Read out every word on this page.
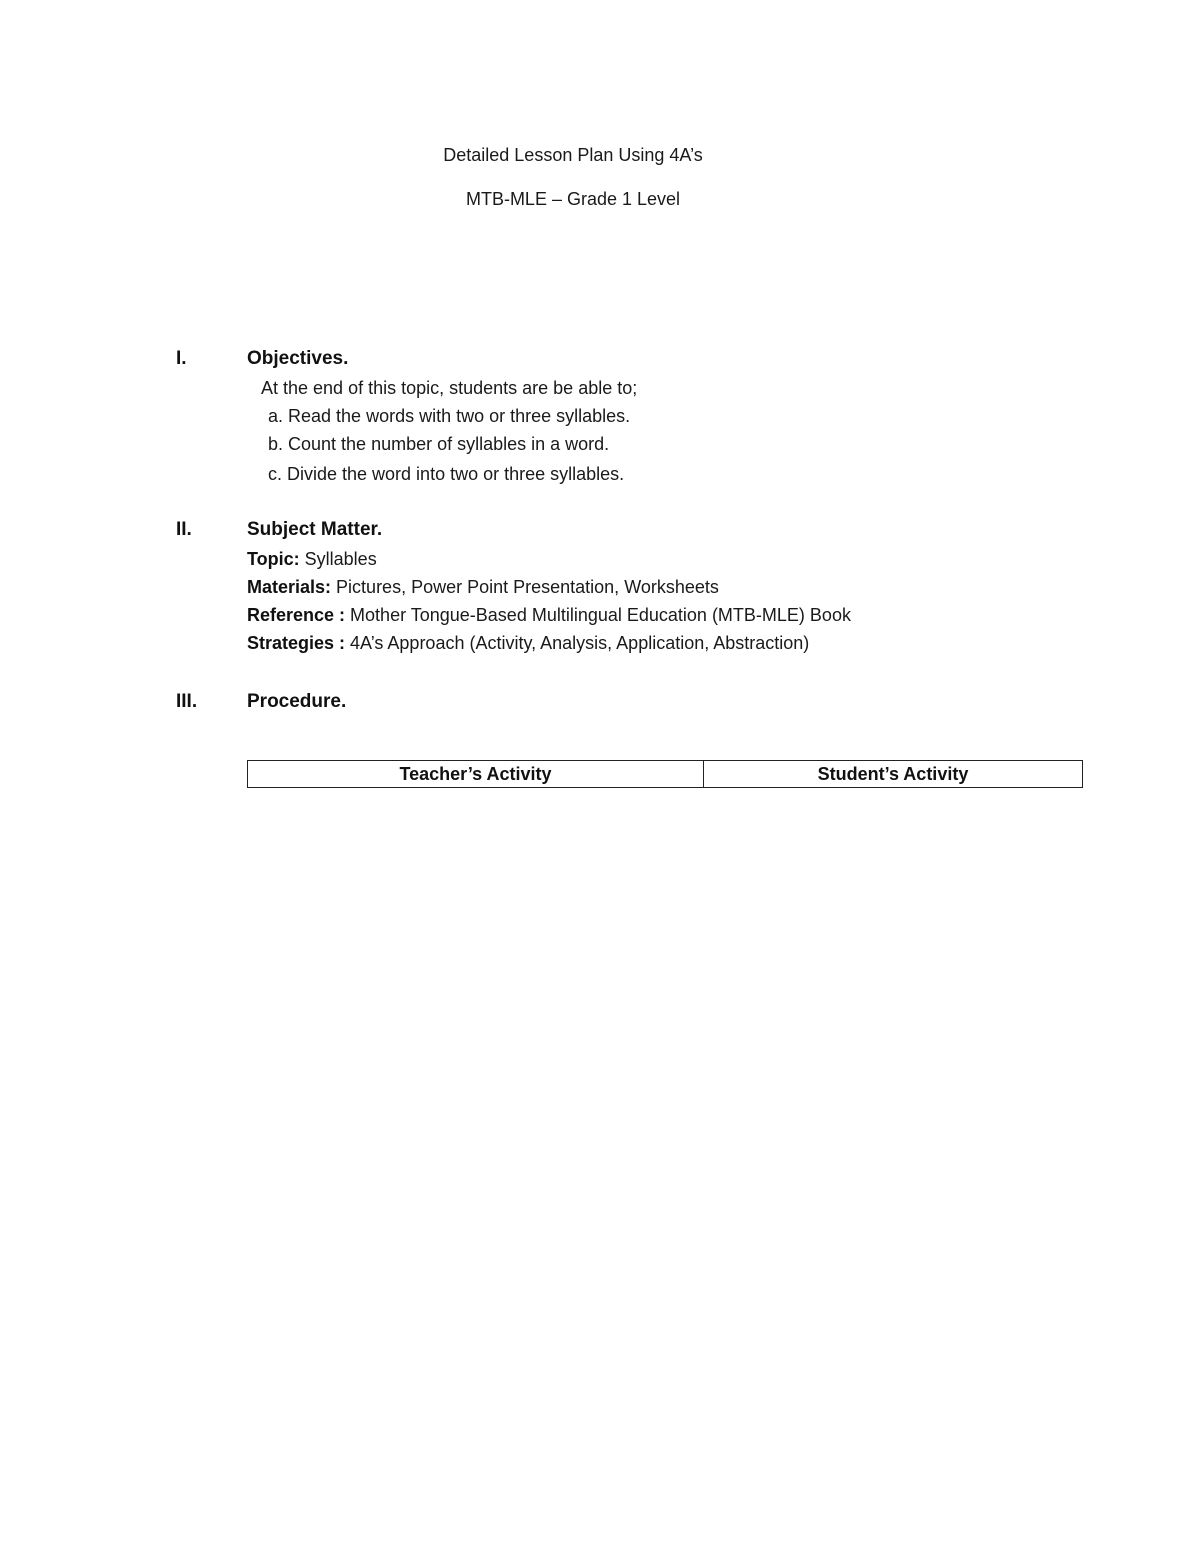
Detailed Lesson Plan Using 4A’s
MTB-MLE – Grade 1 Level
I.	Objectives.
At the end of this topic, students are be able to;
a. Read the words with two or three syllables.
b. Count the number of syllables in a word.
c. Divide the word into two or three syllables.
II.	Subject Matter.
Topic: Syllables
Materials: Pictures, Power Point Presentation, Worksheets
Reference : Mother Tongue-Based Multilingual Education (MTB-MLE) Book
Strategies : 4A’s Approach (Activity, Analysis, Application, Abstraction)
III.	Procedure.
Teacher’s Activity	Student’s Activity
